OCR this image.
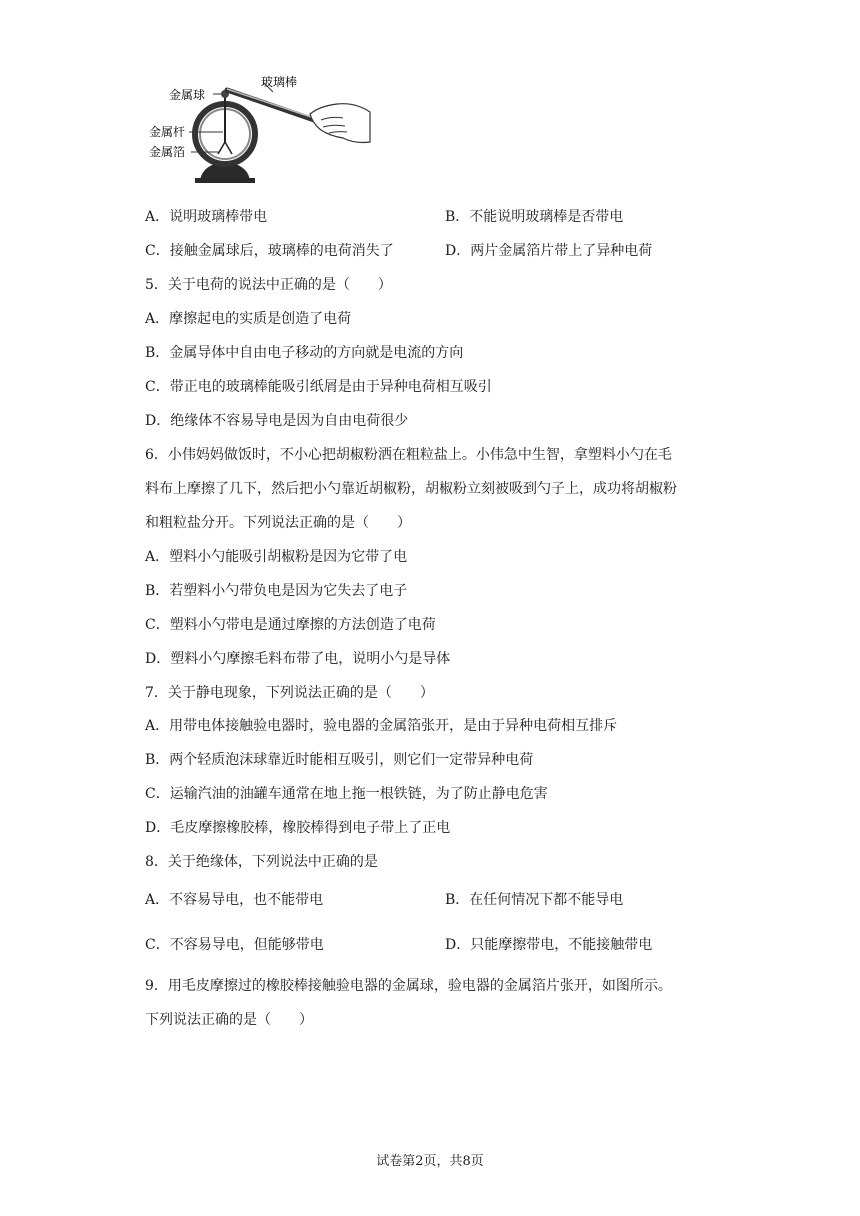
金属球
玻璃棒
金属杆
金属箔
A．说明玻璃棒带电	B．不能说明玻璃棒是否带电
C．接触金属球后，玻璃棒的电荷消失了	D．两片金属箔片带上了异种电荷
5．关于电荷的说法中正确的是（　　）
A．摩擦起电的实质是创造了电荷
B．金属导体中自由电子移动的方向就是电流的方向
C．带正电的玻璃棒能吸引纸屑是由于异种电荷相互吸引
D．绝缘体不容易导电是因为自由电荷很少
6．小伟妈妈做饭时，不小心把胡椒粉洒在粗粒盐上。小伟急中生智，拿塑料小勺在毛
料布上摩擦了几下，然后把小勺靠近胡椒粉，胡椒粉立刻被吸到勺子上，成功将胡椒粉
和粗粒盐分开。下列说法正确的是（　　）
A．塑料小勺能吸引胡椒粉是因为它带了电
B．若塑料小勺带负电是因为它失去了电子
C．塑料小勺带电是通过摩擦的方法创造了电荷
D．塑料小勺摩擦毛料布带了电，说明小勺是导体
7．关于静电现象，下列说法正确的是（　　）
A．用带电体接触验电器时，验电器的金属箔张开，是由于异种电荷相互排斥
B．两个轻质泡沫球靠近时能相互吸引，则它们一定带异种电荷
C．运输汽油的油罐车通常在地上拖一根铁链，为了防止静电危害
D．毛皮摩擦橡胶棒，橡胶棒得到电子带上了正电
8．关于绝缘体，下列说法中正确的是
A．不容易导电，也不能带电	B．在任何情况下都不能导电
C．不容易导电，但能够带电	D．只能摩擦带电，不能接触带电
9．用毛皮摩擦过的橡胶棒接触验电器的金属球，验电器的金属箔片张开，如图所示。
下列说法正确的是（　　）
试卷第2页，共8页
